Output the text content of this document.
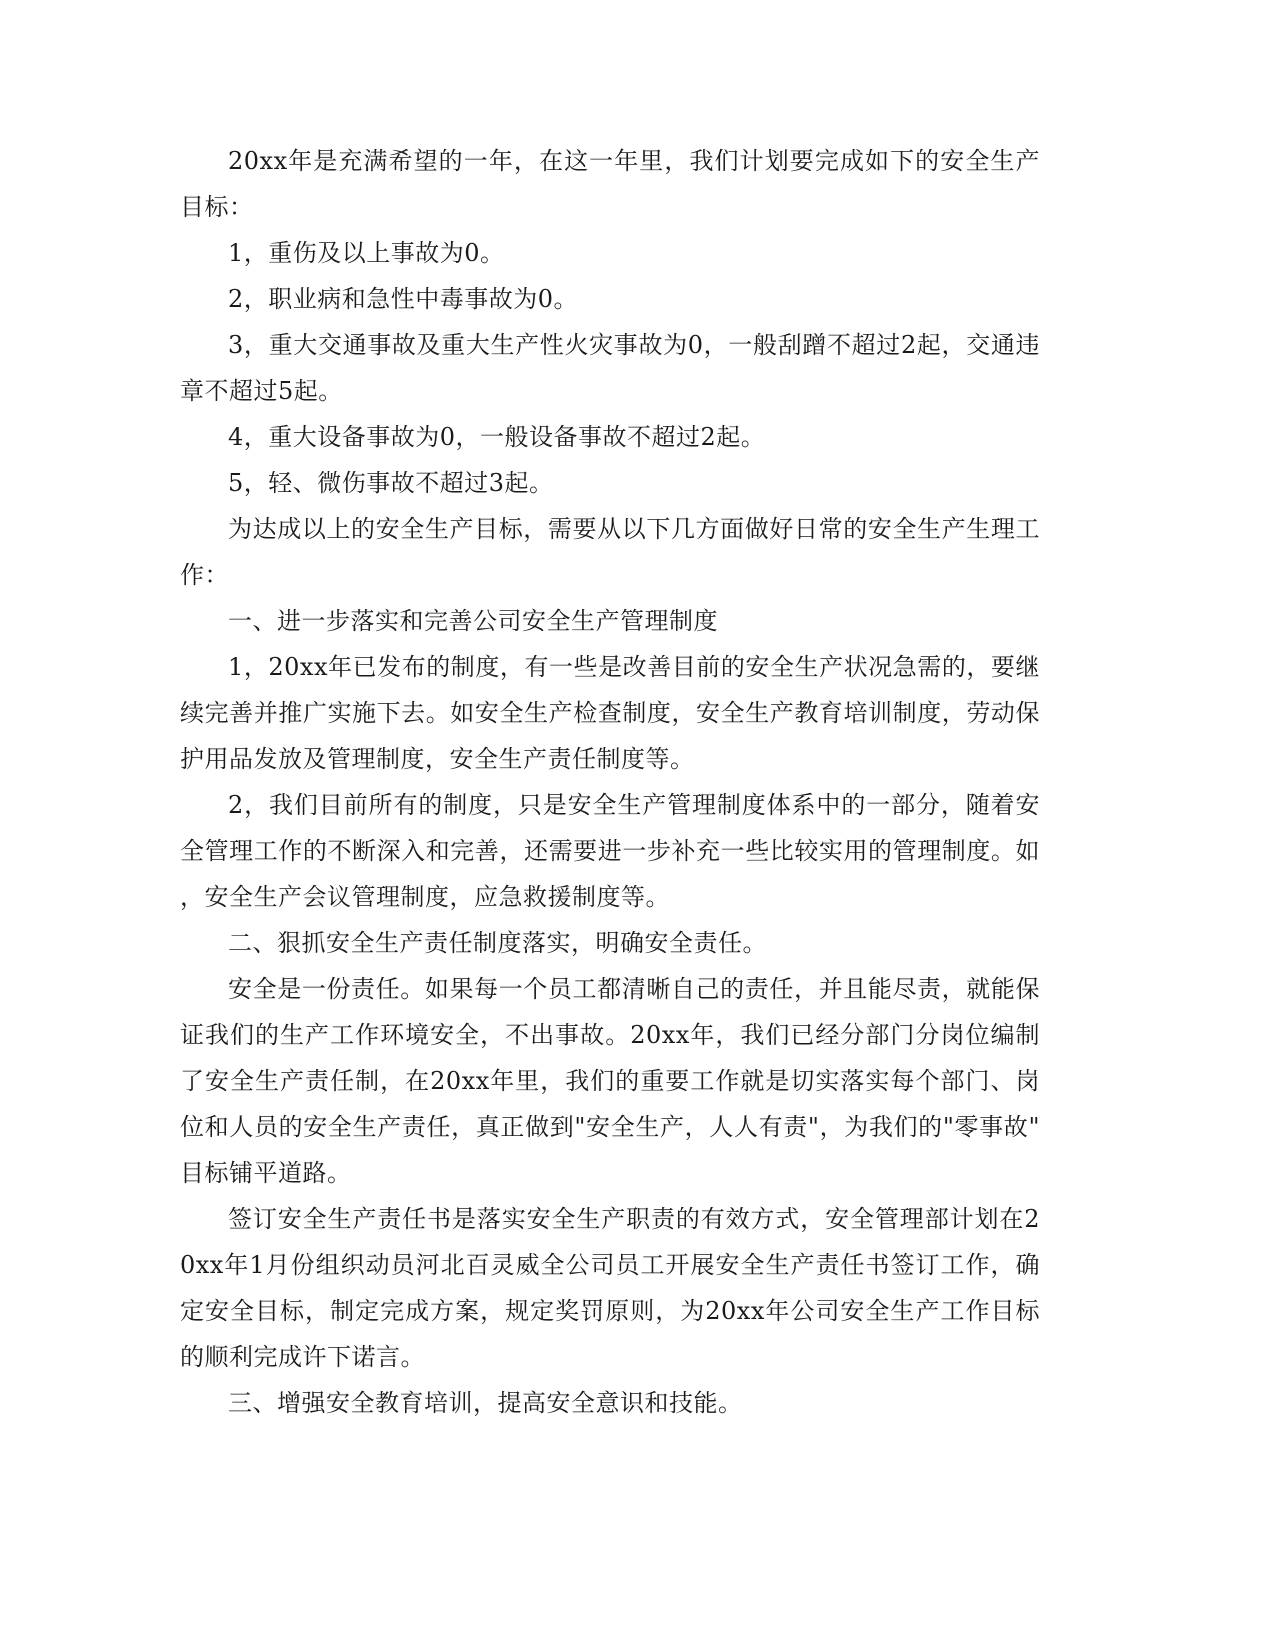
20xx年是充满希望的一年，在这一年里，我们计划要完成如下的安全生产目标：

1，重伤及以上事故为0。

2，职业病和急性中毒事故为0。

3，重大交通事故及重大生产性火灾事故为0，一般刮蹭不超过2起，交通违章不超过5起。

4，重大设备事故为0，一般设备事故不超过2起。

5，轻、微伤事故不超过3起。

为达成以上的安全生产目标，需要从以下几方面做好日常的安全生产生理工作：

一、进一步落实和完善公司安全生产管理制度

1，20xx年已发布的制度，有一些是改善目前的安全生产状况急需的，要继续完善并推广实施下去。如安全生产检查制度，安全生产教育培训制度，劳动保护用品发放及管理制度，安全生产责任制度等。

2，我们目前所有的制度，只是安全生产管理制度体系中的一部分，随着安全管理工作的不断深入和完善，还需要进一步补充一些比较实用的管理制度。如，安全生产会议管理制度，应急救援制度等。

二、狠抓安全生产责任制度落实，明确安全责任。

安全是一份责任。如果每一个员工都清晰自己的责任，并且能尽责，就能保证我们的生产工作环境安全，不出事故。20xx年，我们已经分部门分岗位编制了安全生产责任制，在20xx年里，我们的重要工作就是切实落实每个部门、岗位和人员的安全生产责任，真正做到"安全生产，人人有责"，为我们的"零事故"目标铺平道路。

签订安全生产责任书是落实安全生产职责的有效方式，安全管理部计划在20xx年1月份组织动员河北百灵威全公司员工开展安全生产责任书签订工作，确定安全目标，制定完成方案，规定奖罚原则，为20xx年公司安全生产工作目标的顺利完成许下诺言。

三、增强安全教育培训，提高安全意识和技能。
